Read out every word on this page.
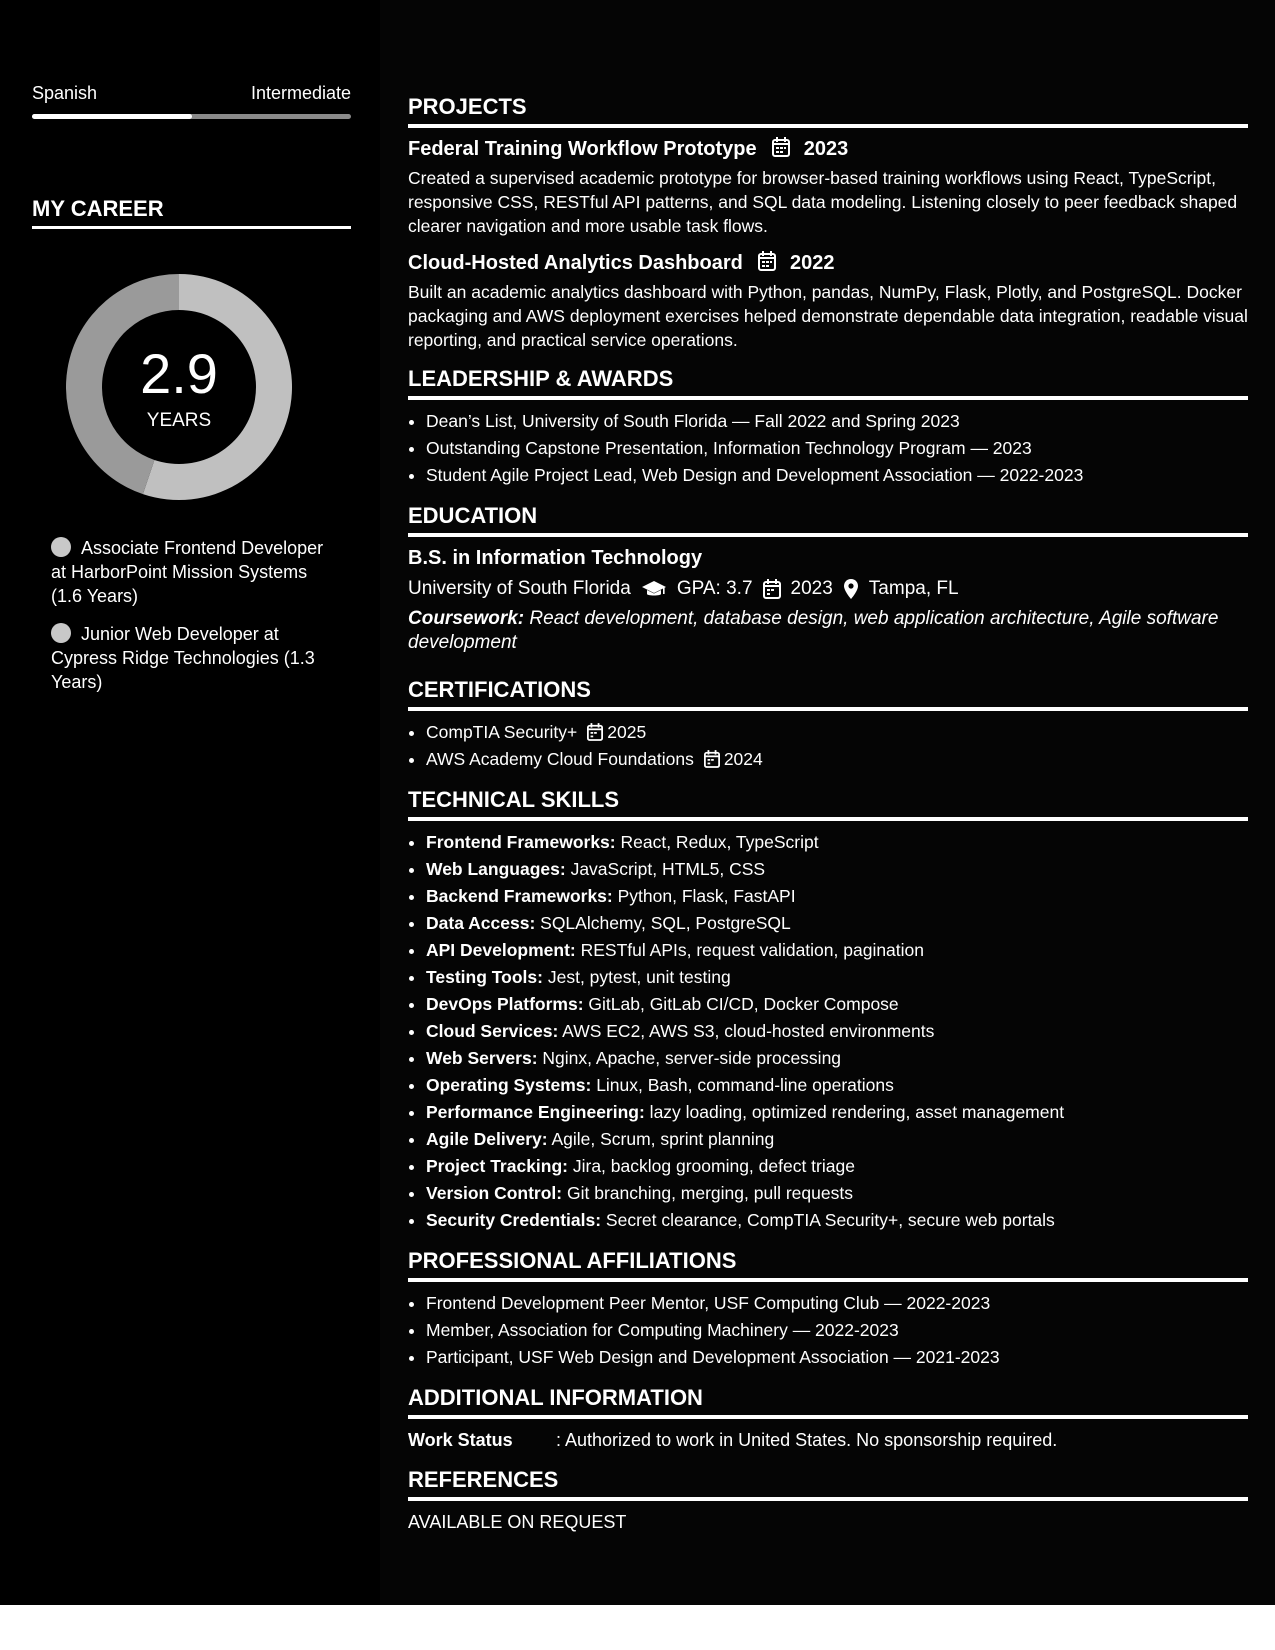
Spanish	Intermediate
MY CAREER
2.9
YEARS
Associate Frontend Developer at HarborPoint Mission Systems (1.6 Years)
Junior Web Developer at Cypress Ridge Technologies (1.3 Years)
PROJECTS
Federal Training Workflow Prototype 2023

Created a supervised academic prototype for browser-based training workflows using React, TypeScript, responsive CSS, RESTful API patterns, and SQL data modeling. Listening closely to peer feedback shaped clearer navigation and more usable task flows.

Cloud-Hosted Analytics Dashboard 2022

Built an academic analytics dashboard with Python, pandas, NumPy, Flask, Plotly, and PostgreSQL. Docker packaging and AWS deployment exercises helped demonstrate dependable data integration, readable visual reporting, and practical service operations.

LEADERSHIP & AWARDS
• Dean’s List, University of South Florida — Fall 2022 and Spring 2023
• Outstanding Capstone Presentation, Information Technology Program — 2023
• Student Agile Project Lead, Web Design and Development Association — 2022-2023
EDUCATION
B.S. in Information Technology
University of South Florida GPA: 3.7 2023 Tampa, FL
Coursework: React development, database design, web application architecture, Agile software development
CERTIFICATIONS
• CompTIA Security+ 2025
• AWS Academy Cloud Foundations 2024
TECHNICAL SKILLS
• Frontend Frameworks: React, Redux, TypeScript
• Web Languages: JavaScript, HTML5, CSS
• Backend Frameworks: Python, Flask, FastAPI
• Data Access: SQLAlchemy, SQL, PostgreSQL
• API Development: RESTful APIs, request validation, pagination
• Testing Tools: Jest, pytest, unit testing
• DevOps Platforms: GitLab, GitLab CI/CD, Docker Compose
• Cloud Services: AWS EC2, AWS S3, cloud-hosted environments
• Web Servers: Nginx, Apache, server-side processing
• Operating Systems: Linux, Bash, command-line operations
• Performance Engineering: lazy loading, optimized rendering, asset management
• Agile Delivery: Agile, Scrum, sprint planning
• Project Tracking: Jira, backlog grooming, defect triage
• Version Control: Git branching, merging, pull requests
• Security Credentials: Secret clearance, CompTIA Security+, secure web portals
PROFESSIONAL AFFILIATIONS
• Frontend Development Peer Mentor, USF Computing Club — 2022-2023
• Member, Association for Computing Machinery — 2022-2023
• Participant, USF Web Design and Development Association — 2021-2023
ADDITIONAL INFORMATION
Work Status	: Authorized to work in United States. No sponsorship required.
REFERENCES
AVAILABLE ON REQUEST
